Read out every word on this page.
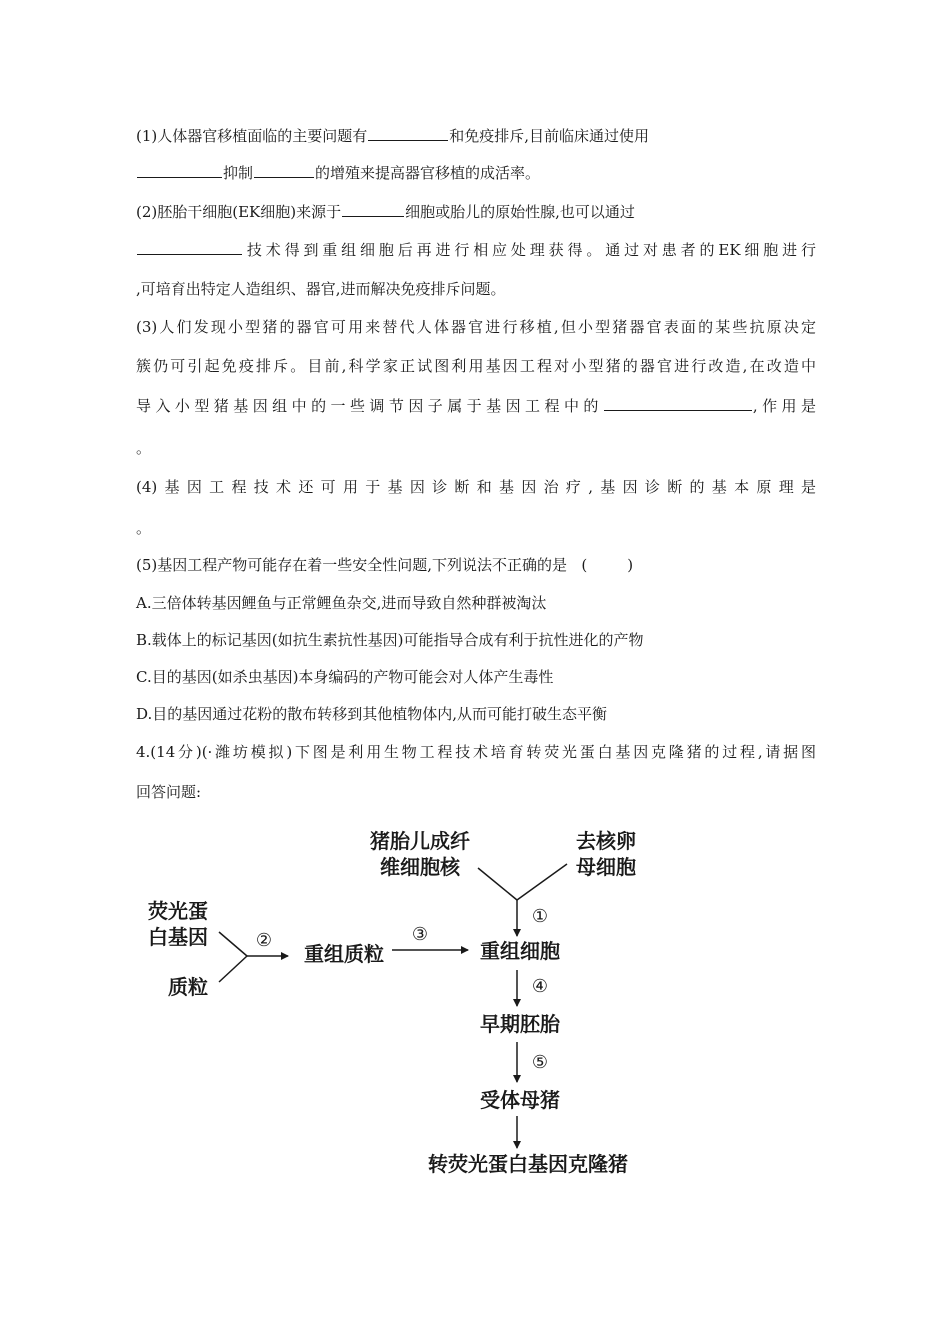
(1)人体器官移植面临的主要问题有	和免疫排斥,目前临床通过使用
抑制	的增殖来提高器官移植的成活率。
(2)胚胎干细胞(EK细胞)来源于	细胞或胎儿的原始性腺,也可以通过
技术得到重组细胞后再进行相应处理获得。通过对患者的EK细胞进行
,可培育出特定人造组织、器官,进而解决免疫排斥问题。
(3)人们发现小型猪的器官可用来替代人体器官进行移植,但小型猪器官表面的某些抗原决定
簇仍可引起免疫排斥。目前,科学家正试图利用基因工程对小型猪的器官进行改造,在改造中
导入小型猪基因组中的一些调节因子属于基因工程中的	,作用是
。
(4)基因工程技术还可用于基因诊断和基因治疗,基因诊断的基本原理是
。
(5)基因工程产物可能存在着一些安全性问题,下列说法不正确的是 (	)
A.三倍体转基因鲤鱼与正常鲤鱼杂交,进而导致自然种群被淘汰
B.载体上的标记基因(如抗生素抗性基因)可能指导合成有利于抗性进化的产物
C.目的基因(如杀虫基因)本身编码的产物可能会对人体产生毒性
D.目的基因通过花粉的散布转移到其他植物体内,从而可能打破生态平衡
4.(14分)(·潍坊模拟)下图是利用生物工程技术培育转荧光蛋白基因克隆猪的过程,请据图
回答问题:
猪胎儿成纤
维细胞核
去核卵
母细胞
①
荧光蛋
白基因
质粒
②
重组质粒
③
重组细胞
④
早期胚胎
⑤
受体母猪
转荧光蛋白基因克隆猪
